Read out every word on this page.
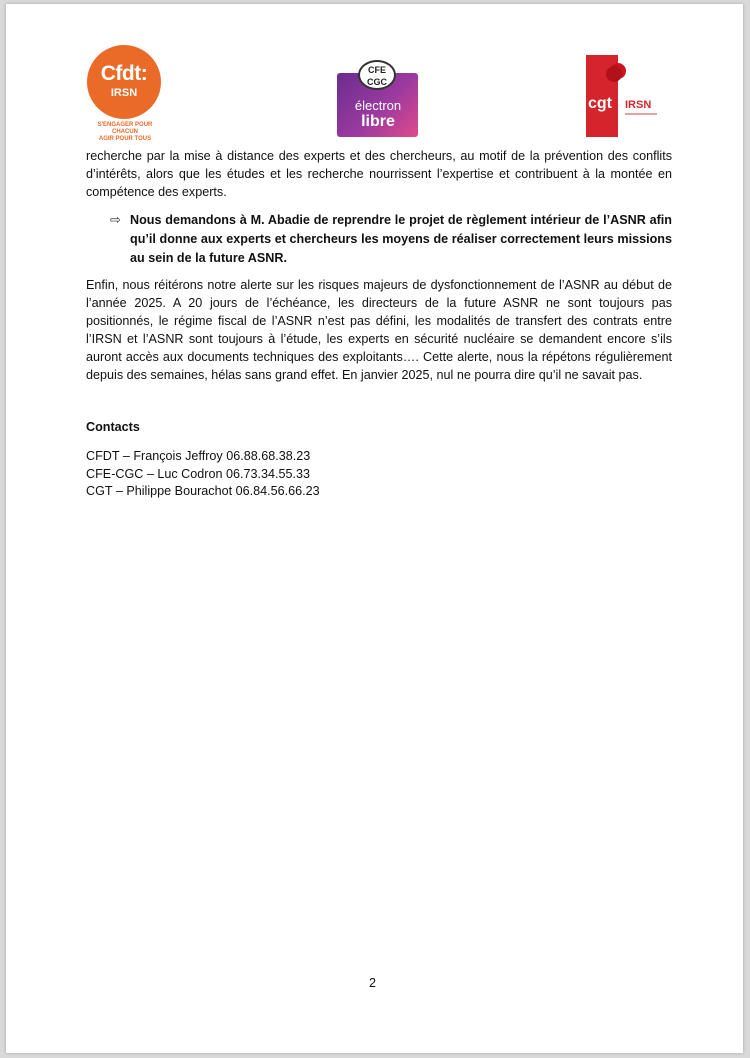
Cfdt:
IRSN
S'ENGAGER POUR CHACUN
AGIR POUR TOUS
CFE
CGC
électron
libre
cgt IRSN

recherche par la mise à distance des experts et des chercheurs, au motif de la prévention des conflits d’intérêts, alors que les études et les recherche nourrissent l’expertise et contribuent à la montée en compétence des experts.

⇨ Nous demandons à M. Abadie de reprendre le projet de règlement intérieur de l’ASNR afin qu’il donne aux experts et chercheurs les moyens de réaliser correctement leurs missions au sein de la future ASNR.

Enfin, nous réitérons notre alerte sur les risques majeurs de dysfonctionnement de l’ASNR au début de l’année 2025. A 20 jours de l’échéance, les directeurs de la future ASNR ne sont toujours pas positionnés, le régime fiscal de l’ASNR n’est pas défini, les modalités de transfert des contrats entre l’IRSN et l’ASNR sont toujours à l’étude, les experts en sécurité nucléaire se demandent encore s’ils auront accès aux documents techniques des exploitants…. Cette alerte, nous la répétons régulièrement depuis des semaines, hélas sans grand effet. En janvier 2025, nul ne pourra dire qu’il ne savait pas.

Contacts
CFDT – François Jeffroy 06.88.68.38.23
CFE-CGC – Luc Codron 06.73.34.55.33
CGT – Philippe Bourachot 06.84.56.66.23
2
